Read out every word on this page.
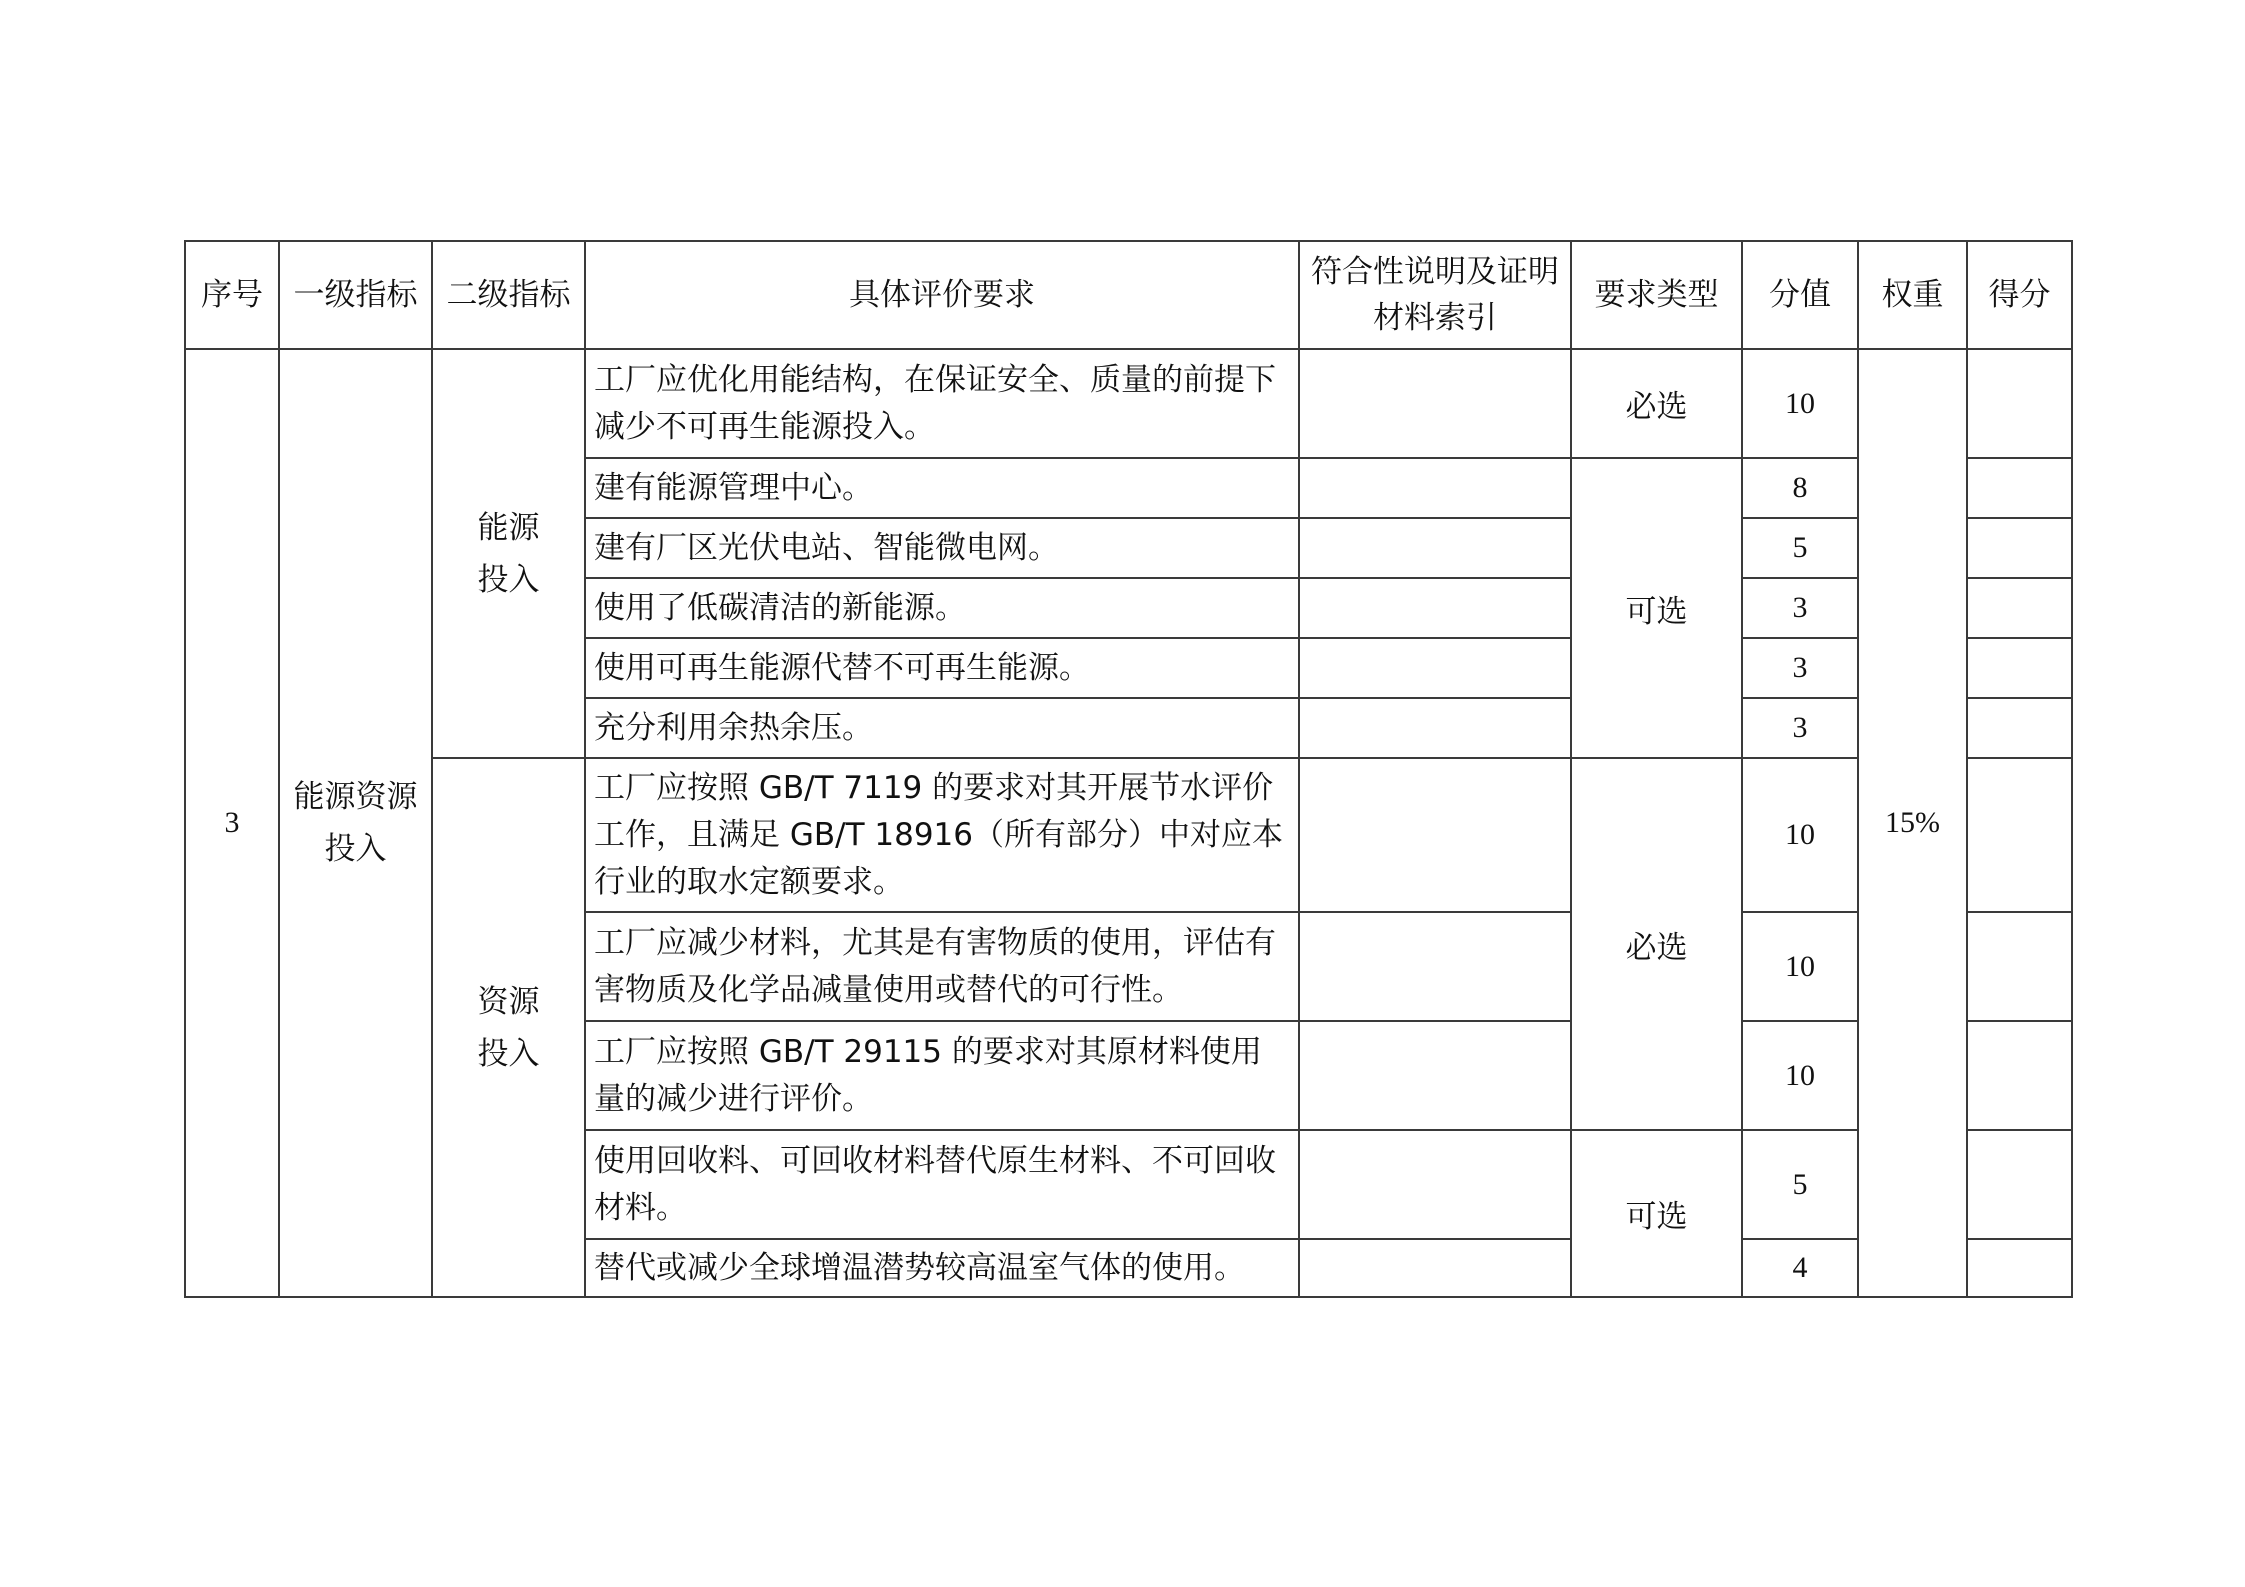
序号	一级指标	二级指标	具体评价要求	符合性说明及证明材料索引	要求类型	分值	权重	得分
3	能源资源投入	能源投入	工厂应优化用能结构，在保证安全、质量的前提下减少不可再生能源投入。		必选	10	15%	
			建有能源管理中心。		可选	8		
			建有厂区光伏电站、智能微电网。			5		
			使用了低碳清洁的新能源。			3		
			使用可再生能源代替不可再生能源。			3		
			充分利用余热余压。			3		
		资源投入	工厂应按照 GB/T 7119 的要求对其开展节水评价工作，且满足 GB/T 18916（所有部分）中对应本行业的取水定额要求。		必选	10		
			工厂应减少材料，尤其是有害物质的使用，评估有害物质及化学品减量使用或替代的可行性。			10		
			工厂应按照 GB/T 29115 的要求对其原材料使用量的减少进行评价。			10		
			使用回收料、可回收材料替代原生材料、不可回收材料。		可选	5		
			替代或减少全球增温潜势较高温室气体的使用。			4		
